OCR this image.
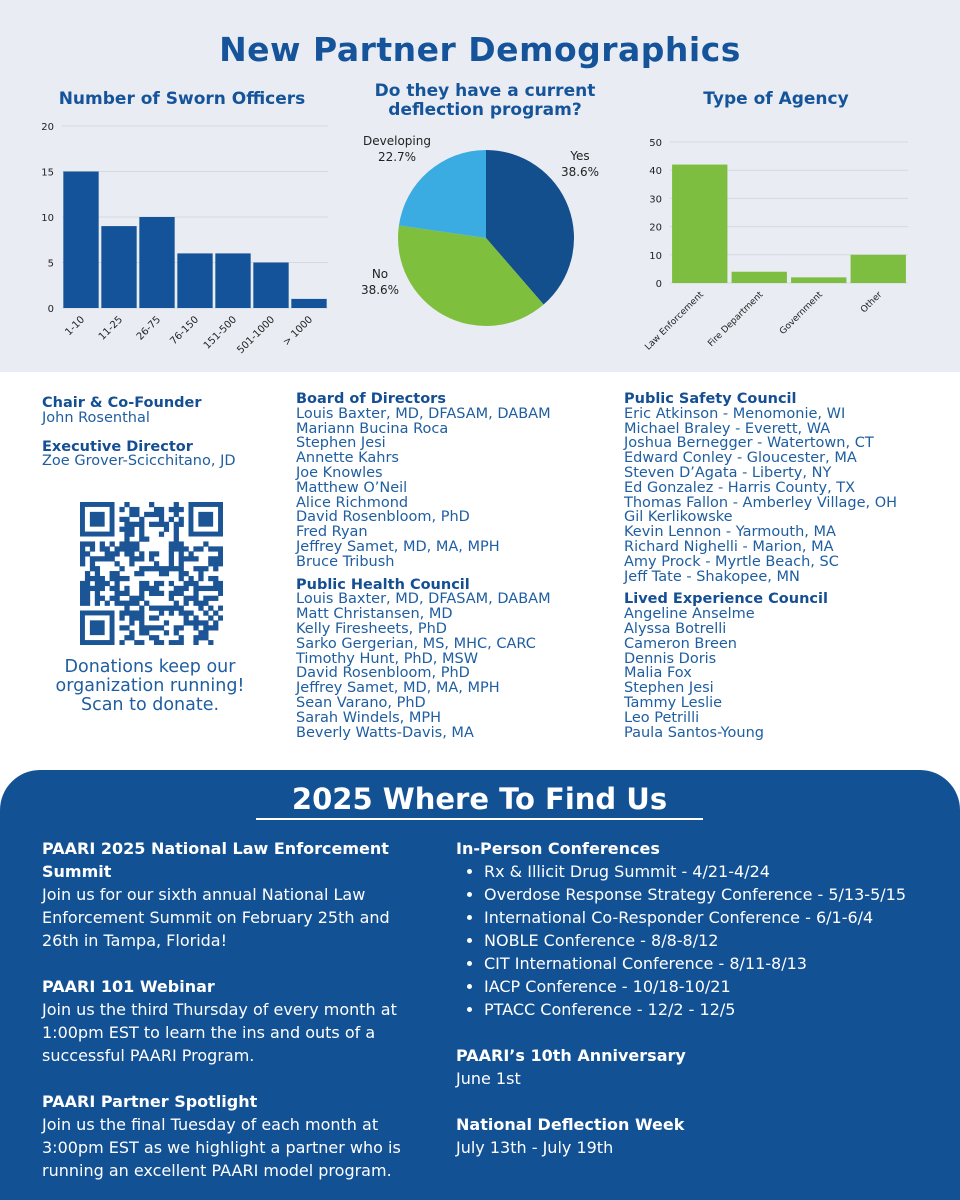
New Partner Demographics
Number of Sworn Officers	Do they have a current deflection program?
Type of Agency
0
5
10
15
20
1-10 11-25 26-75 76-150 151-500
501-1000 > 1000
Yes
38.6%
No
38.6%
Developing
22.7%
0
10
20
30
40
50
Law Enforcement Fire Department Government	Other
Chair & Co-Founder
John Rosenthal
Executive Director
Zoe Grover-Scicchitano, JD
Donations keep our
organization running!
Scan to donate.
Board of Directors
Louis Baxter, MD, DFASAM, DABAM
Mariann Bucina Roca
Stephen Jesi
Annette Kahrs
Joe Knowles
Matthew O’Neil
Alice Richmond
David Rosenbloom, PhD
Fred Ryan
Jeffrey Samet, MD, MA, MPH
Bruce Tribush
Public Health Council
Louis Baxter, MD, DFASAM, DABAM
Matt Christansen, MD
Kelly Firesheets, PhD
Sarko Gergerian, MS, MHC, CARC
Timothy Hunt, PhD, MSW
David Rosenbloom, PhD
Jeffrey Samet, MD, MA, MPH
Sean Varano, PhD
Sarah Windels, MPH
Beverly Watts-Davis, MA
Public Safety Council
Eric Atkinson - Menomonie, WI
Michael Braley - Everett, WA
Joshua Bernegger - Watertown, CT
Edward Conley - Gloucester, MA
Steven D’Agata - Liberty, NY
Ed Gonzalez - Harris County, TX
Thomas Fallon - Amberley Village, OH
Gil Kerlikowske
Kevin Lennon - Yarmouth, MA
Richard Nighelli - Marion, MA
Amy Prock - Myrtle Beach, SC
Jeff Tate - Shakopee, MN
Lived Experience Council
Angeline Anselme
Alyssa Botrelli
Cameron Breen
Dennis Doris
Malia Fox
Stephen Jesi
Tammy Leslie
Leo Petrilli
Paula Santos-Young
2025 Where To Find Us
PAARI 2025 National Law Enforcement
Summit
Join us for our sixth annual National Law
Enforcement Summit on February 25th and
26th in Tampa, Florida!
PAARI 101 Webinar
Join us the third Thursday of every month at
1:00pm EST to learn the ins and outs of a
successful PAARI Program.
PAARI Partner Spotlight
Join us the final Tuesday of each month at
3:00pm EST as we highlight a partner who is
running an excellent PAARI model program.
In-Person Conferences
• Rx & Illicit Drug Summit - 4/21-4/24
• Overdose Response Strategy Conference - 5/13-5/15
• International Co-Responder Conference - 6/1-6/4
• NOBLE Conference - 8/8-8/12
• CIT International Conference - 8/11-8/13
• IACP Conference - 10/18-10/21
• PTACC Conference - 12/2 - 12/5
PAARI’s 10th Anniversary
June 1st
National Deflection Week
July 13th - July 19th
